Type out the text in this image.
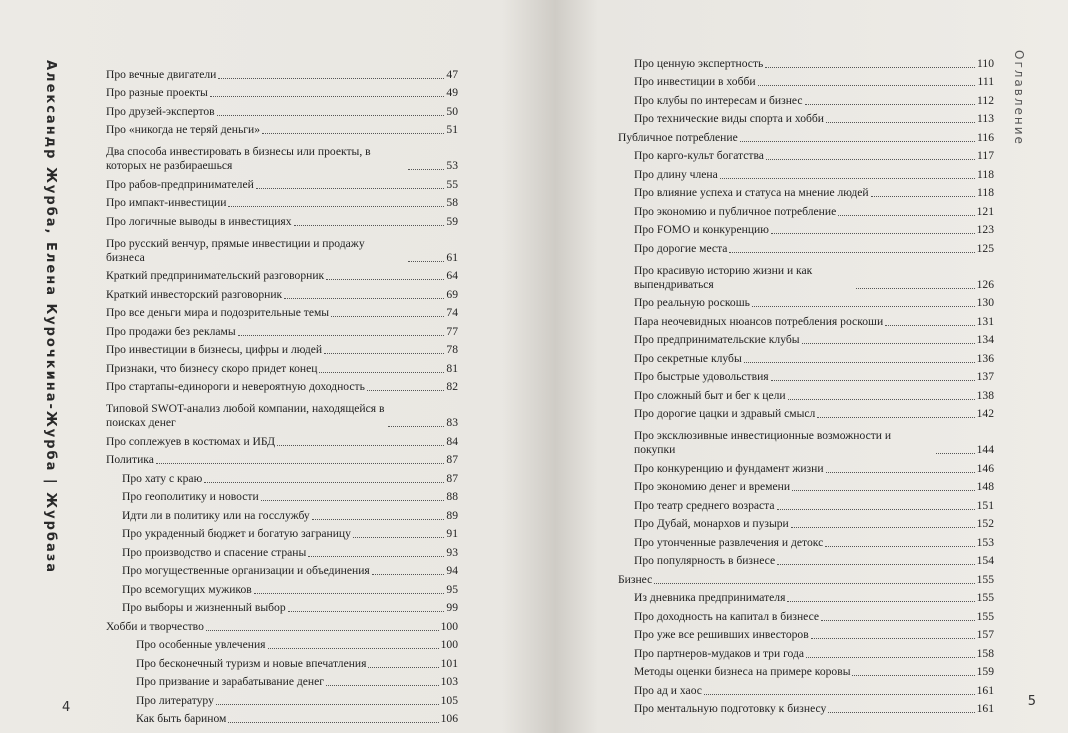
Александр Журба, Елена Курочкина-Журба | Журбаза	Оглавление
Про вечные двигатели	47
Про разные проекты	49
Про друзей-экспертов	50
Про «никогда не теряй деньги»	51
Два способа инвестировать в бизнесы или проекты, в которых не разбираешься	53
Про рабов-предпринимателей	55
Про импакт-инвестиции	58
Про логичные выводы в инвестициях	59
Про русский венчур, прямые инвестиции и продажу бизнеса	61
Краткий предпринимательский разговорник	64
Краткий инвесторский разговорник	69
Про все деньги мира и подозрительные темы	74
Про продажи без рекламы	77
Про инвестиции в бизнесы, цифры и людей	78
Признаки, что бизнесу скоро придет конец	81
Про стартапы-единороги и невероятную доходность	82
Типовой SWOT-анализ любой компании, находящейся в поисках денег	83
Про соплежуев в костюмах и ИБД	84
Политика	87
Про хату с краю	87
Про геополитику и новости	88
Идти ли в политику или на госслужбу	89
Про украденный бюджет и богатую заграницу	91
Про производство и спасение страны	93
Про могущественные организации и объединения	94
Про всемогущих мужиков	95
Про выборы и жизненный выбор	99
Хобби и творчество	100
Про особенные увлечения	100
Про бесконечный туризм и новые впечатления	101
Про призвание и зарабатывание денег	103
Про литературу	105
Как быть барином	106
Про ценную экспертность	110
Про инвестиции в хобби	111
Про клубы по интересам и бизнес	112
Про технические виды спорта и хобби	113
Публичное потребление	116
Про карго-культ богатства	117
Про длину члена	118
Про влияние успеха и статуса на мнение людей	118
Про экономию и публичное потребление	121
Про FOMO и конкуренцию	123
Про дорогие места	125
Про красивую историю жизни и как выпендриваться	126
Про реальную роскошь	130
Пара неочевидных нюансов потребления роскоши	131
Про предпринимательские клубы	134
Про секретные клубы	136
Про быстрые удовольствия	137
Про сложный быт и бег к цели	138
Про дорогие цацки и здравый смысл	142
Про эксклюзивные инвестиционные возможности и покупки	144
Про конкуренцию и фундамент жизни	146
Про экономию денег и времени	148
Про театр среднего возраста	151
Про Дубай, монархов и пузыри	152
Про утонченные развлечения и детокс	153
Про популярность в бизнесе	154
Бизнес	155
Из дневника предпринимателя	155
Про доходность на капитал в бизнесе	155
Про уже все решивших инвесторов	157
Про партнеров-мудаков и три года	158
Методы оценки бизнеса на примере коровы	159
Про ад и хаос	161
Про ментальную подготовку к бизнесу	161
4	5
